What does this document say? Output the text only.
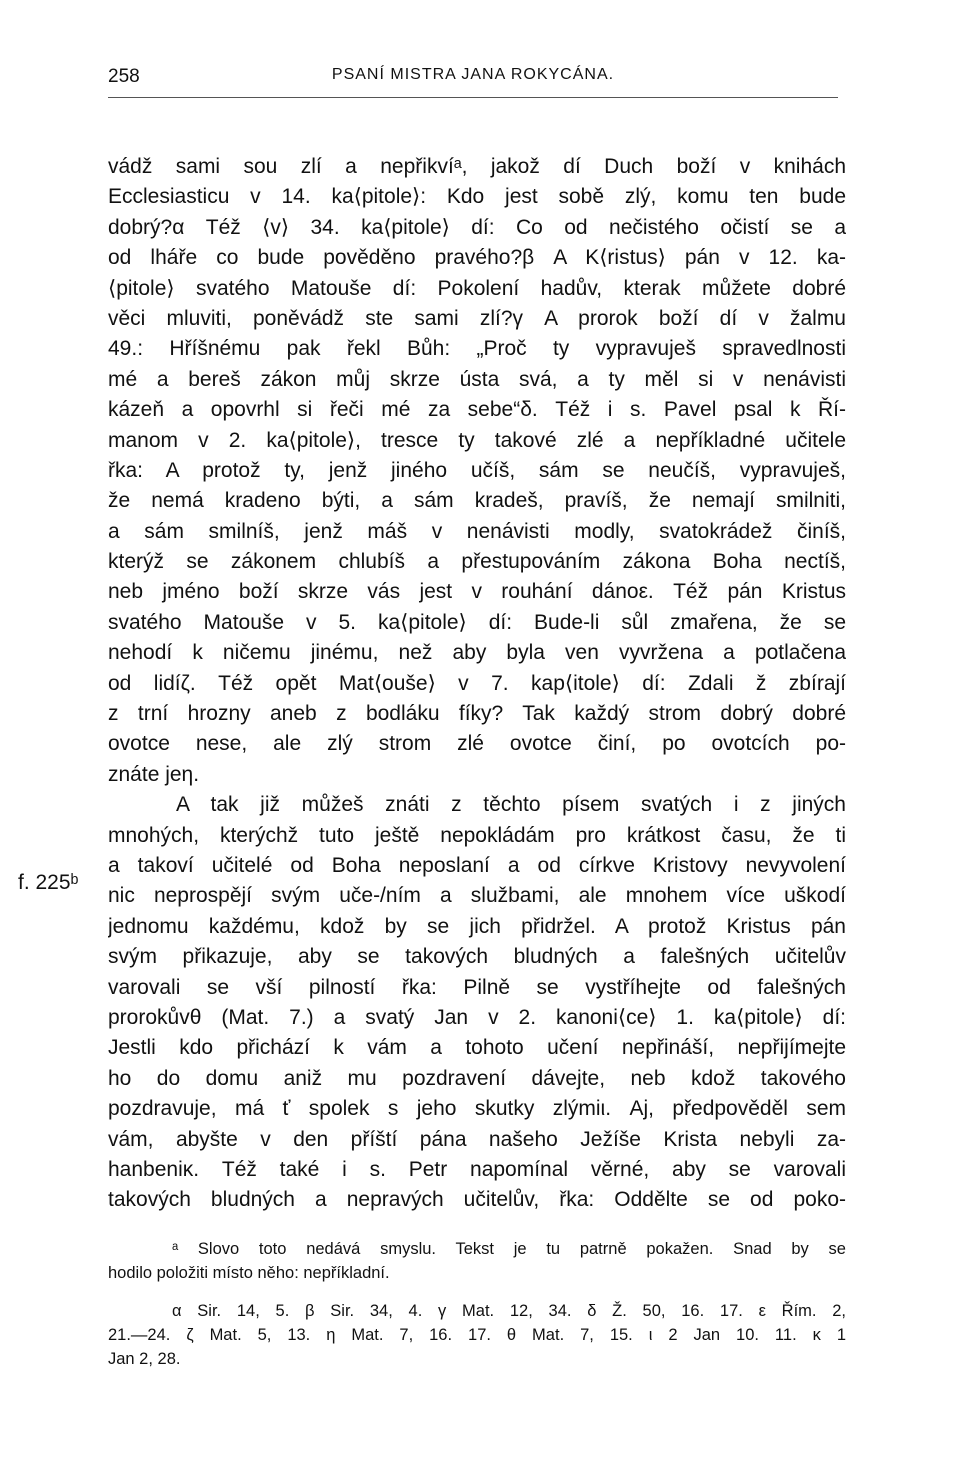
258	PSANÍ MISTRA JANA ROKYCÁNA.
f. 225ᵇ
vádž sami sou zlí a nepřikvíᵃ, jakož dí Duch boží v knihách
Ecclesiasticu v 14. ka⟨pitole⟩: Kdo jest sobě zlý, komu ten bude
dobrý?α Též ⟨v⟩ 34. ka⟨pitole⟩ dí: Co od nečistého očistí se a
od lháře co bude pověděno pravého?β A K⟨ristus⟩ pán v 12. ka-
⟨pitole⟩ svatého Matouše dí: Pokolení hadův, kterak můžete dobré
věci mluviti, poněvádž ste sami zlí?γ A prorok boží dí v žalmu
49.: Hříšnému pak řekl Bůh: „Proč ty vypravuješ spravedlnosti
mé a bereš zákon můj skrze ústa svá, a ty měl si v nenávisti
kázeň a opovrhl si řeči mé za sebe“δ. Též i s. Pavel psal k Ří-
manom v 2. ka⟨pitole⟩, tresce ty takové zlé a nepříkladné učitele
řka: A protož ty, jenž jiného učíš, sám se neučíš, vypravuješ,
že nemá kradeno býti, a sám kradeš, pravíš, že nemají smilniti,
a sám smilníš, jenž máš v nenávisti modly, svatokrádež činíš,
kterýž se zákonem chlubíš a přestupováním zákona Boha nectíš,
neb jméno boží skrze vás jest v rouhání dánoε. Též pán Kristus
svatého Matouše v 5. ka⟨pitole⟩ dí: Bude-li sůl zmařena, že se
nehodí k ničemu jinému, než aby byla ven vyvržena a potlačena
od lidíζ. Též opět Mat⟨ouše⟩ v 7. kap⟨itole⟩ dí: Zdali ž zbírají
z trní hrozny aneb z bodláku fíky? Tak každý strom dobrý dobré
ovotce nese, ale zlý strom zlé ovotce činí, po ovotcích po-
znáte jeη.
A tak již můžeš znáti z těchto písem svatých i z jiných
mnohých, kterýchž tuto ještě nepokládám pro krátkost času, že ti
a takoví učitelé od Boha neposlaní a od církve Kristovy nevyvolení
nic neprospějí svým uče-/ním a službami, ale mnohem více uškodí
jednomu každému, kdož by se jich přidržel. A protož Kristus pán
svým přikazuje, aby se takových bludných a falešných učitelův
varovali se vší pilností řka: Pilně se vystříhejte od falešných
prorokůvθ (Mat. 7.) a svatý Jan v 2. kanoni⟨ce⟩ 1. ka⟨pitole⟩ dí:
Jestli kdo přichází k vám a tohoto učení nepřináší, nepřijímejte
ho do domu aniž mu pozdravení dávejte, neb kdož takového
pozdravuje, má ť spolek s jeho skutky zlýmiι. Aj, předpověděl sem
vám, abyšte v den příští pána našeho Ježíše Krista nebyli za-
hanbeniκ. Též také i s. Petr napomínal věrné, aby se varovali
takových bludných a nepravých učitelův, řka: Oddělte se od poko-
ᵃ Slovo toto nedává smyslu. Tekst je tu patrně pokažen. Snad by se
hodilo položiti místo něho: nepříkladní.
α Sir. 14, 5. β Sir. 34, 4. γ Mat. 12, 34. δ Ž. 50, 16. 17. ε Řím. 2,
21.—24. ζ Mat. 5, 13. η Mat. 7, 16. 17. θ Mat. 7, 15. ι 2 Jan 10. 11. κ 1
Jan 2, 28.
